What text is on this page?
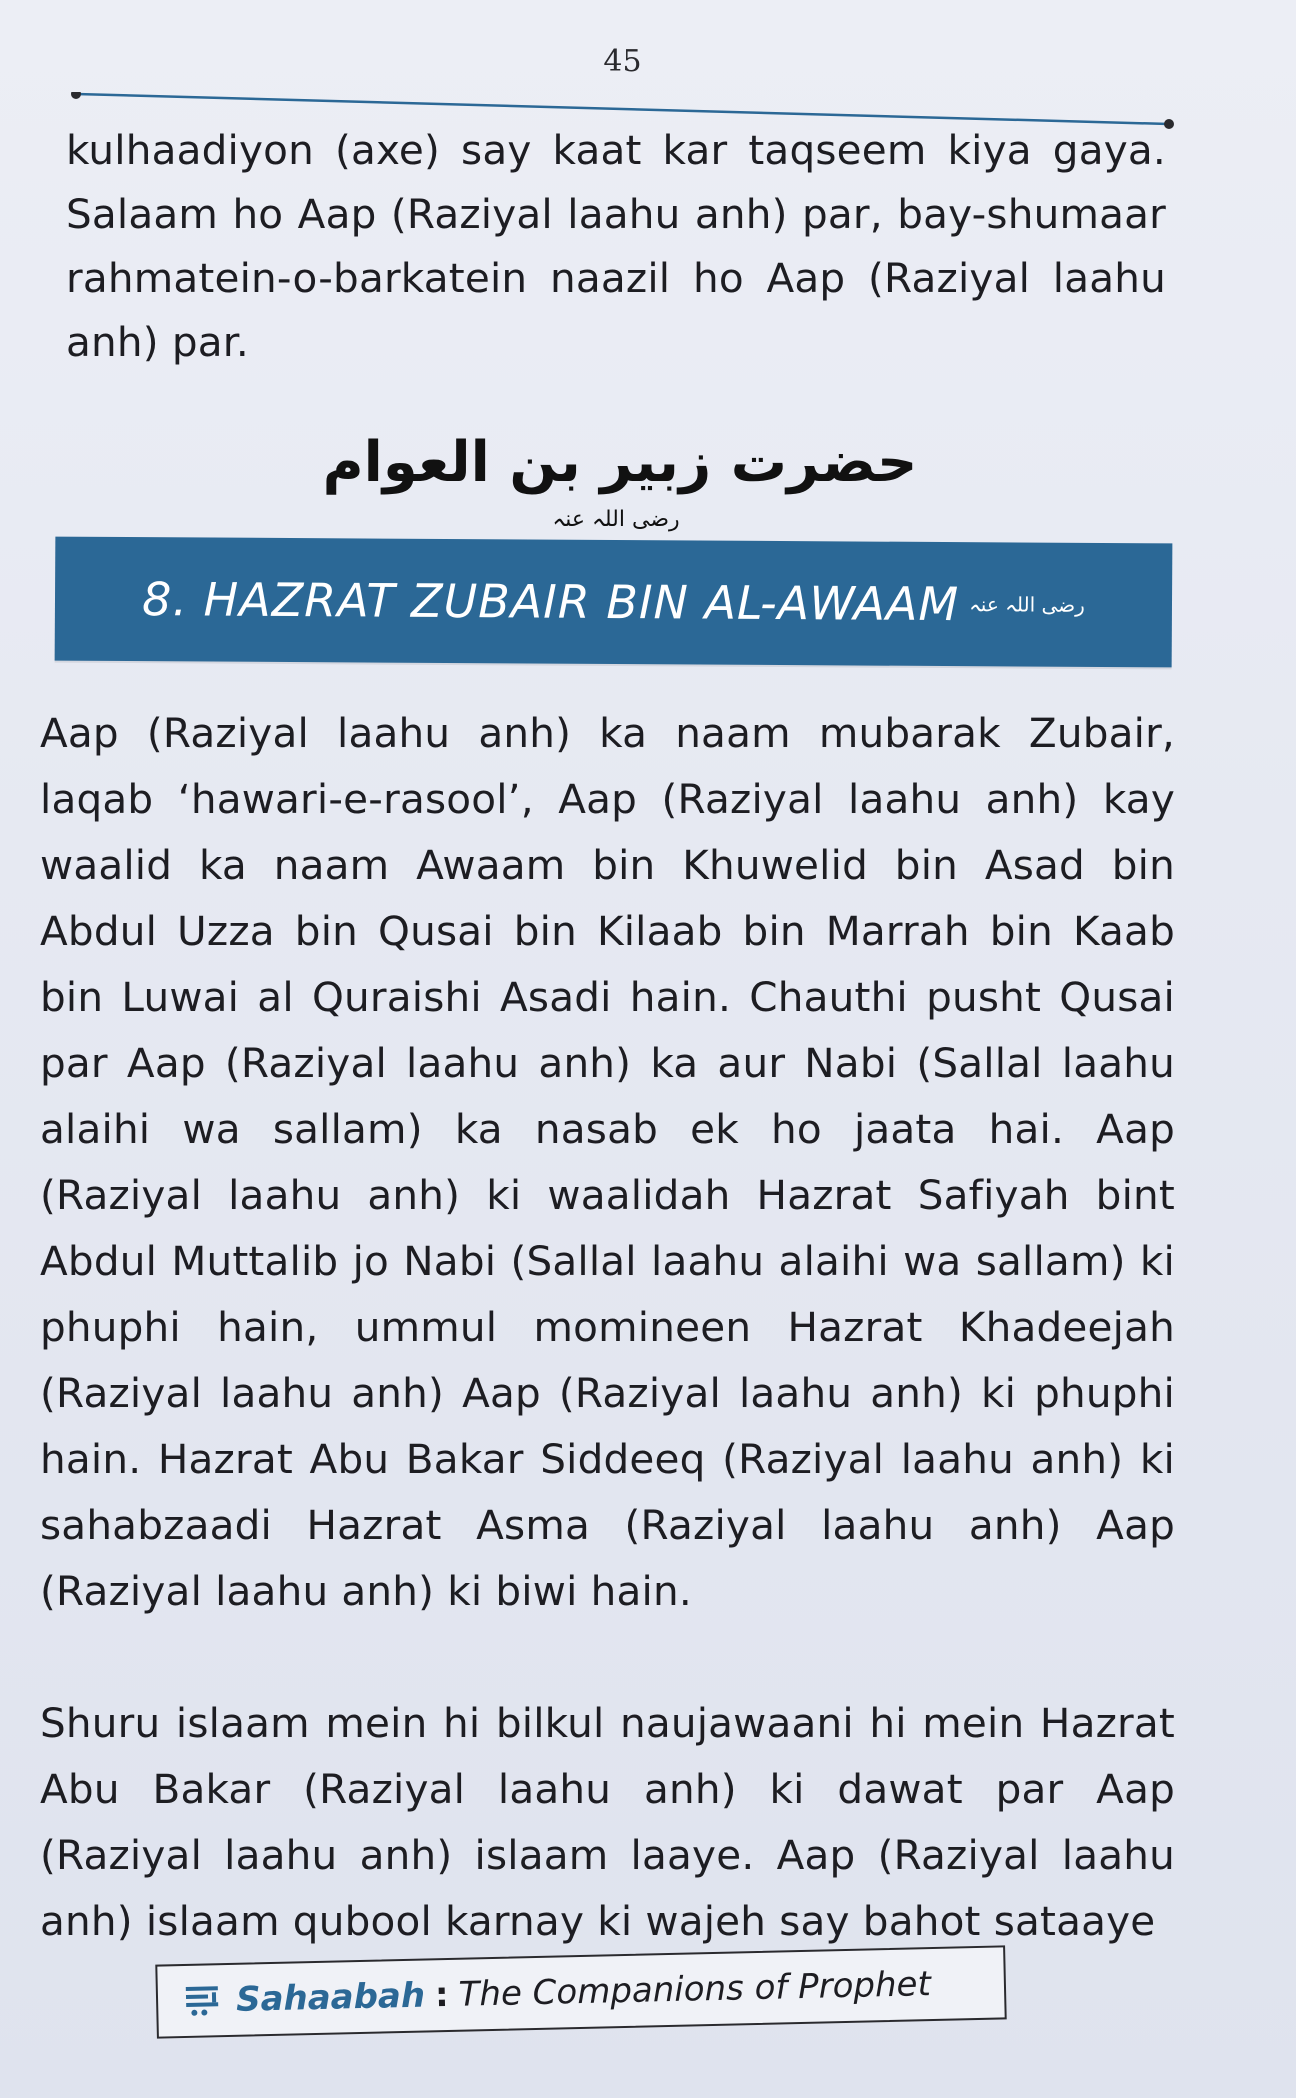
45

kulhaadiyon (axe) say kaat kar taqseem kiya gaya. Salaam ho Aap (Raziyal laahu anh) par, bay-shumaar rahmatein-o-barkatein naazil ho Aap (Raziyal laahu anh) par.

حضرت زبیر بن العوام $^{رضی اللہ عنہ}$
8. HAZRAT ZUBAIR BIN AL-AWAAM رضی اللہ عنہ

Aap (Raziyal laahu anh) ka naam mubarak Zubair, laqab ‘hawari-e-rasool’, Aap (Raziyal laahu anh) kay waalid ka naam Awaam bin Khuwelid bin Asad bin Abdul Uzza bin Qusai bin Kilaab bin Marrah bin Kaab bin Luwai al Quraishi Asadi hain. Chauthi pusht Qusai par Aap (Raziyal laahu anh) ka aur Nabi (Sallal laahu alaihi wa sallam) ka nasab ek ho jaata hai. Aap (Raziyal laahu anh) ki waalidah Hazrat Safiyah bint Abdul Muttalib jo Nabi (Sallal laahu alaihi wa sallam) ki phuphi hain, ummul momineen Hazrat Khadeejah (Raziyal laahu anh) Aap (Raziyal laahu anh) ki phuphi hain. Hazrat Abu Bakar Siddeeq (Raziyal laahu anh) ki sahabzaadi Hazrat Asma (Raziyal laahu anh) Aap (Raziyal laahu anh) ki biwi hain.

Shuru islaam mein hi bilkul naujawaani hi mein Hazrat Abu Bakar (Raziyal laahu anh) ki dawat par Aap (Raziyal laahu anh) islaam laaye. Aap (Raziyal laahu anh) islaam qubool karnay ki wajeh say bahot sataaye

Sahaabah : The Companions of Prophet
